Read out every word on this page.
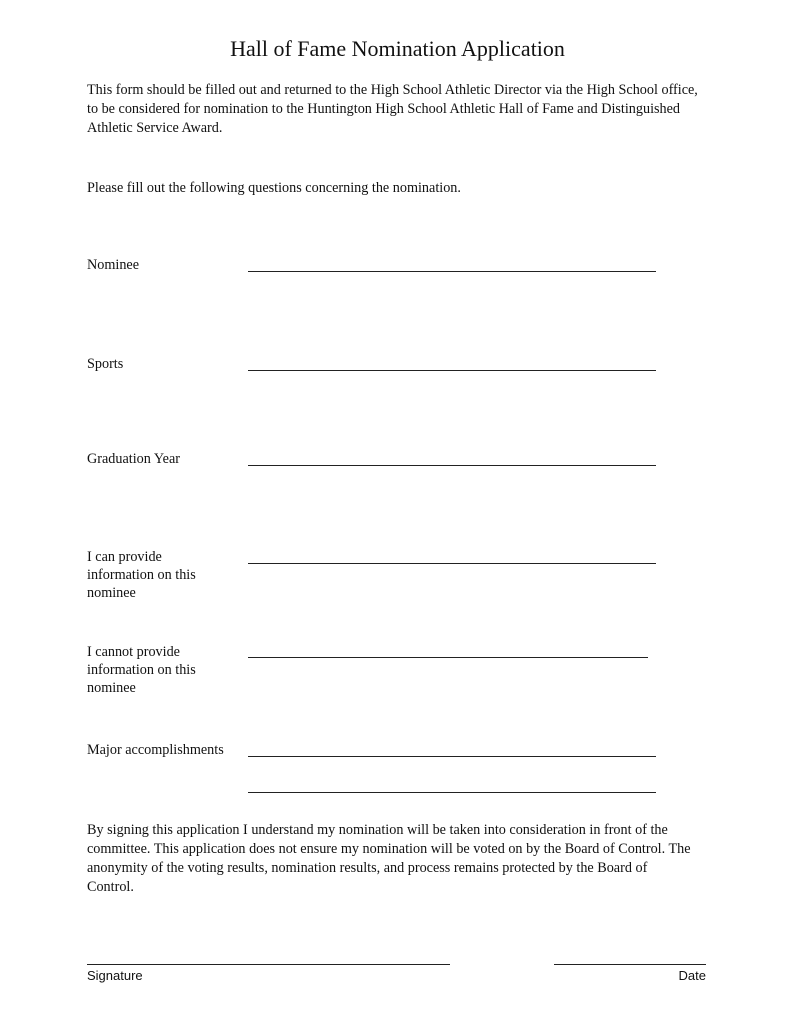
Hall of Fame Nomination Application
This form should be filled out and returned to the High School Athletic Director via the High School office, to be considered for nomination to the Huntington High School Athletic Hall of Fame and Distinguished Athletic Service Award.
Please fill out the following questions concerning the nomination.
Nominee
Sports
Graduation Year
I can provide information on this nominee
I cannot provide information on this nominee
Major accomplishments
By signing this application I understand my nomination will be taken into consideration in front of the committee. This application does not ensure my nomination will be voted on by the Board of Control. The anonymity of the voting results, nomination results, and process remains protected by the Board of Control.
Signature	Date
